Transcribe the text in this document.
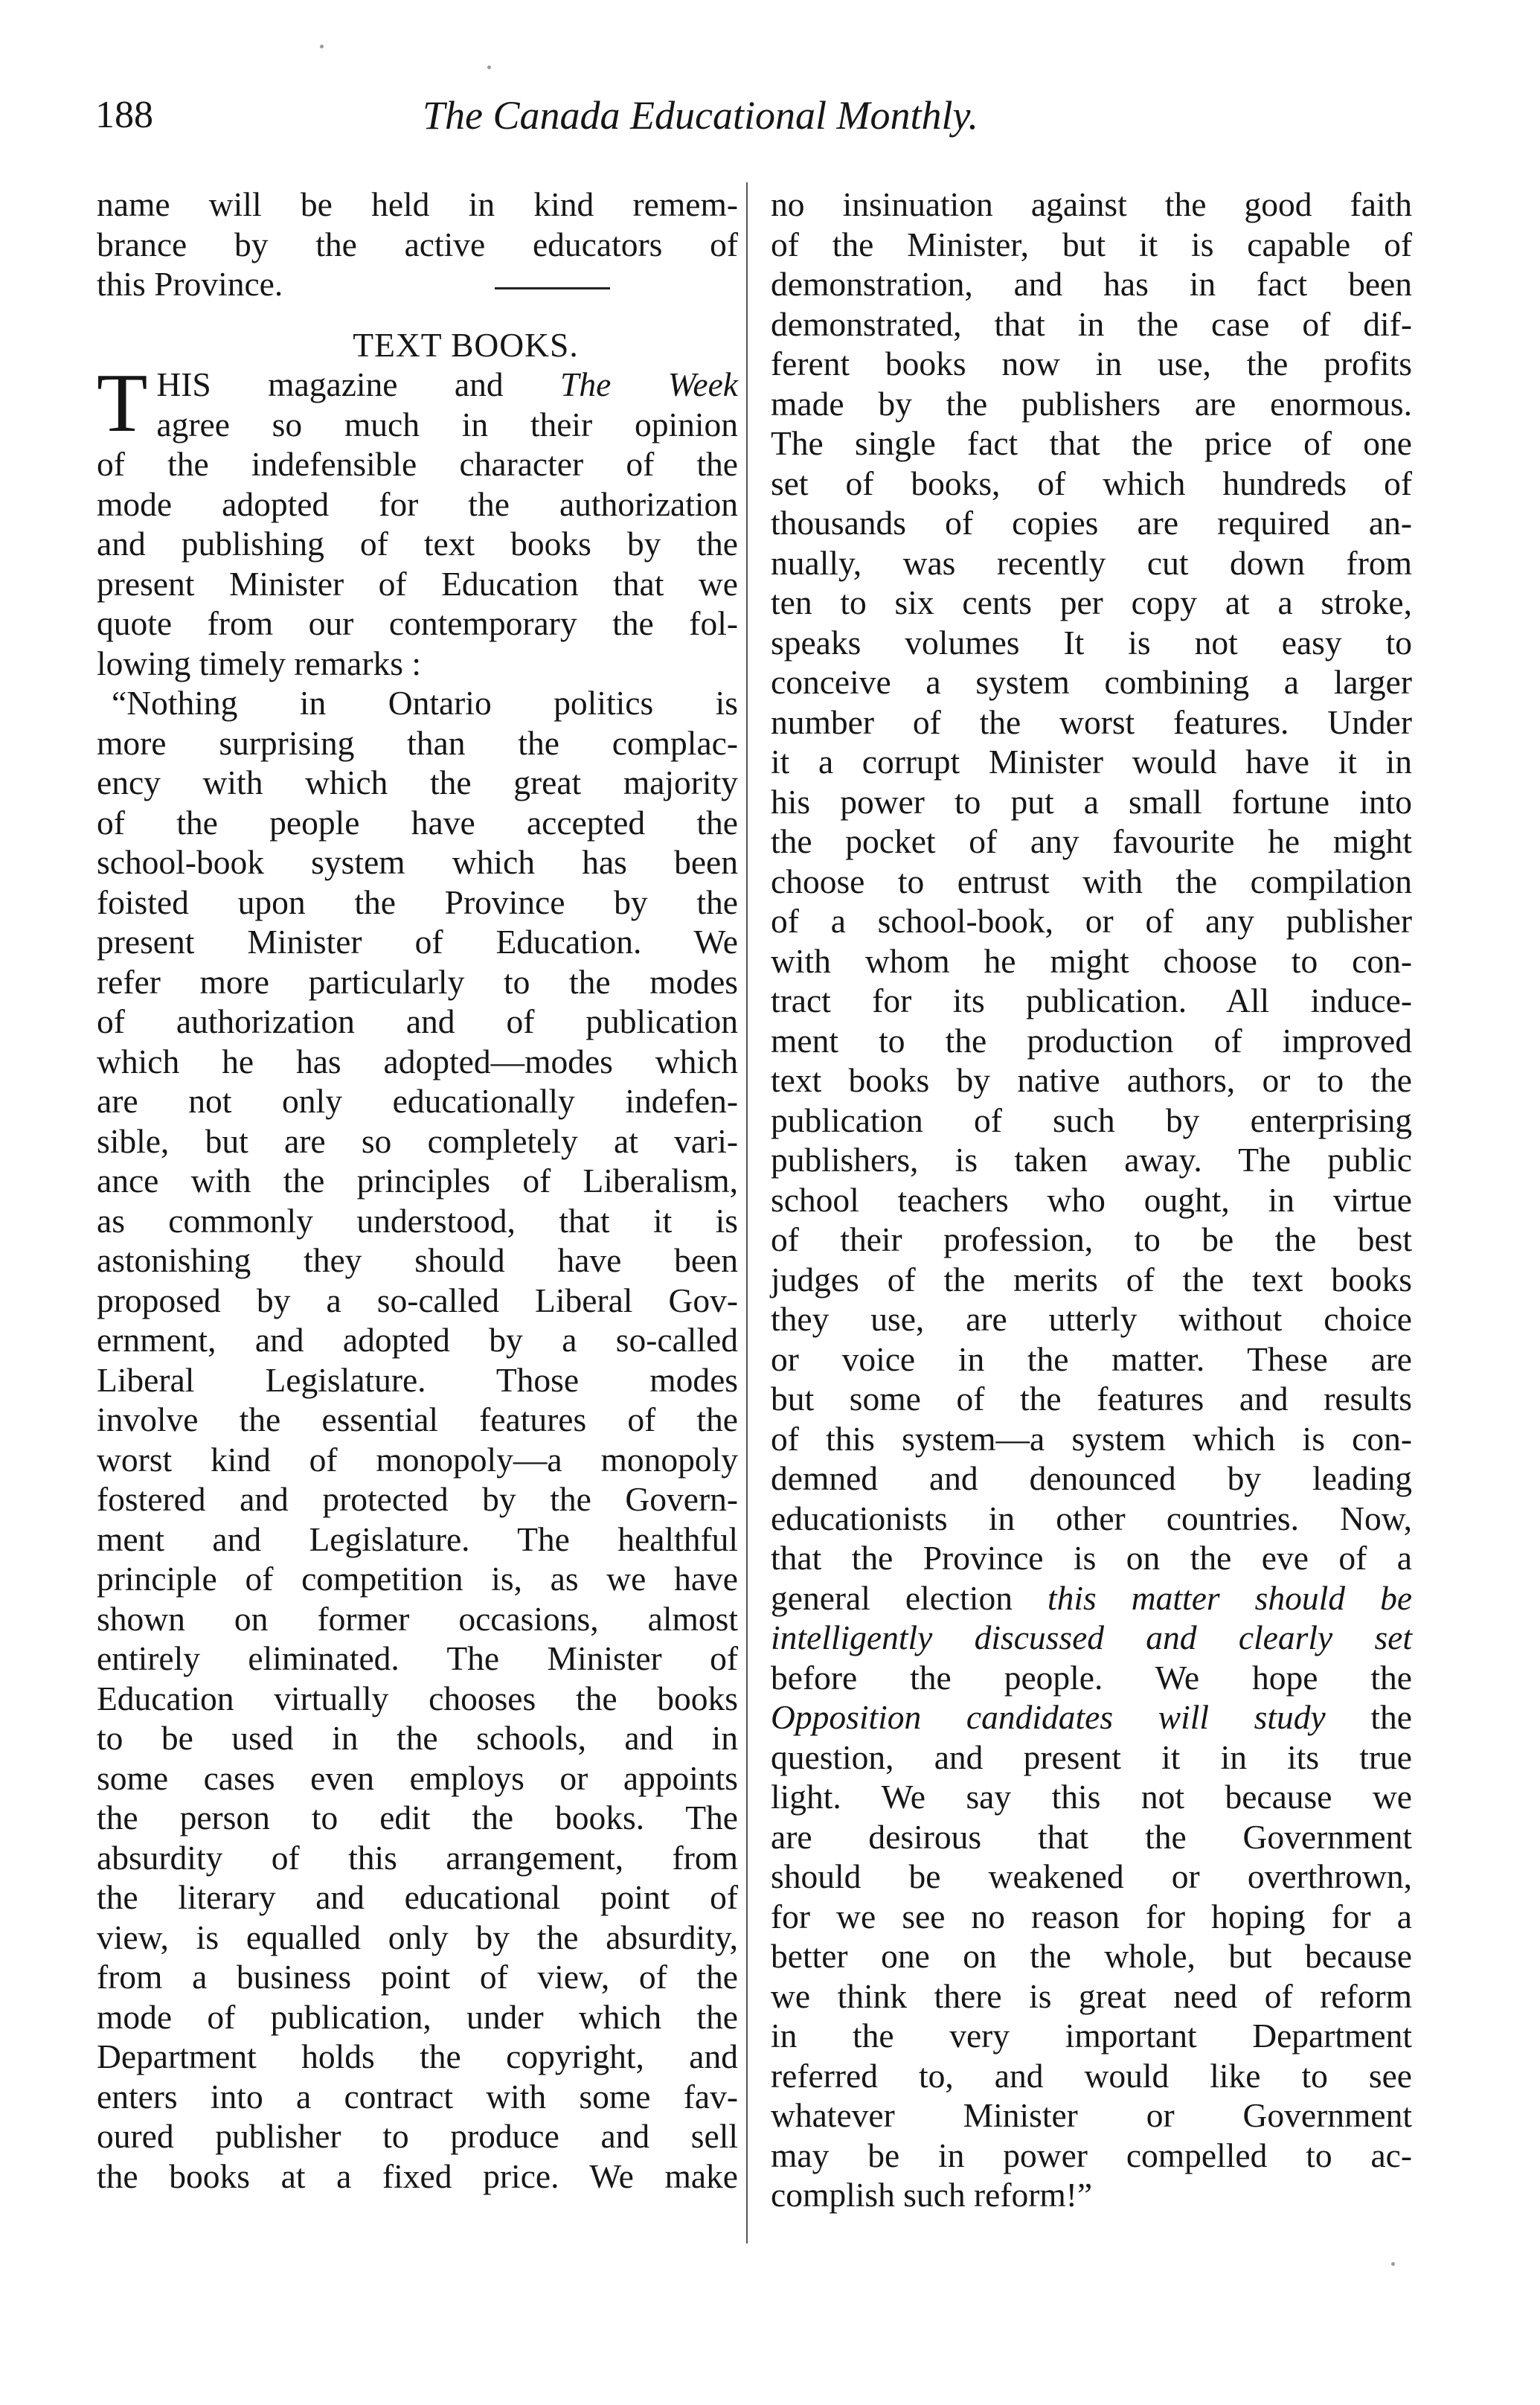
188	The Canada Educational Monthly.
name will be held in kind remem-
brance by the active educators of
this Province.
TEXT BOOKS.
T HIS magazine and The Week
agree so much in their opinion
of the indefensible character of the
mode adopted for the authorization
and publishing of text books by the
present Minister of Education that we
quote from our contemporary the fol-
lowing timely remarks :
“Nothing in Ontario politics is
more surprising than the complac-
ency with which the great majority
of the people have accepted the
school-book system which has been
foisted upon the Province by the
present Minister of Education. We
refer more particularly to the modes
of authorization and of publication
which he has adopted—modes which
are not only educationally indefen-
sible, but are so completely at vari-
ance with the principles of Liberalism,
as commonly understood, that it is
astonishing they should have been
proposed by a so-called Liberal Gov-
ernment, and adopted by a so-called
Liberal Legislature. Those modes
involve the essential features of the
worst kind of monopoly—a monopoly
fostered and protected by the Govern-
ment and Legislature. The healthful
principle of competition is, as we have
shown on former occasions, almost
entirely eliminated. The Minister of
Education virtually chooses the books
to be used in the schools, and in
some cases even employs or appoints
the person to edit the books. The
absurdity of this arrangement, from
the literary and educational point of
view, is equalled only by the absurdity,
from a business point of view, of the
mode of publication, under which the
Department holds the copyright, and
enters into a contract with some fav-
oured publisher to produce and sell
the books at a fixed price. We make
no insinuation against the good faith
of the Minister, but it is capable of
demonstration, and has in fact been
demonstrated, that in the case of dif-
ferent books now in use, the profits
made by the publishers are enormous.
The single fact that the price of one
set of books, of which hundreds of
thousands of copies are required an-
nually, was recently cut down from
ten to six cents per copy at a stroke,
speaks volumes It is not easy to
conceive a system combining a larger
number of the worst features. Under
it a corrupt Minister would have it in
his power to put a small fortune into
the pocket of any favourite he might
choose to entrust with the compilation
of a school-book, or of any publisher
with whom he might choose to con-
tract for its publication. All induce-
ment to the production of improved
text books by native authors, or to the
publication of such by enterprising
publishers, is taken away. The public
school teachers who ought, in virtue
of their profession, to be the best
judges of the merits of the text books
they use, are utterly without choice
or voice in the matter. These are
but some of the features and results
of this system—a system which is con-
demned and denounced by leading
educationists in other countries. Now,
that the Province is on the eve of a
general election this matter should be
intelligently discussed and clearly set
before the people. We hope the
Opposition candidates will study the
question, and present it in its true
light. We say this not because we
are desirous that the Government
should be weakened or overthrown,
for we see no reason for hoping for a
better one on the whole, but because
we think there is great need of reform
in the very important Department
referred to, and would like to see
whatever Minister or Government
may be in power compelled to ac-
complish such reform!”
